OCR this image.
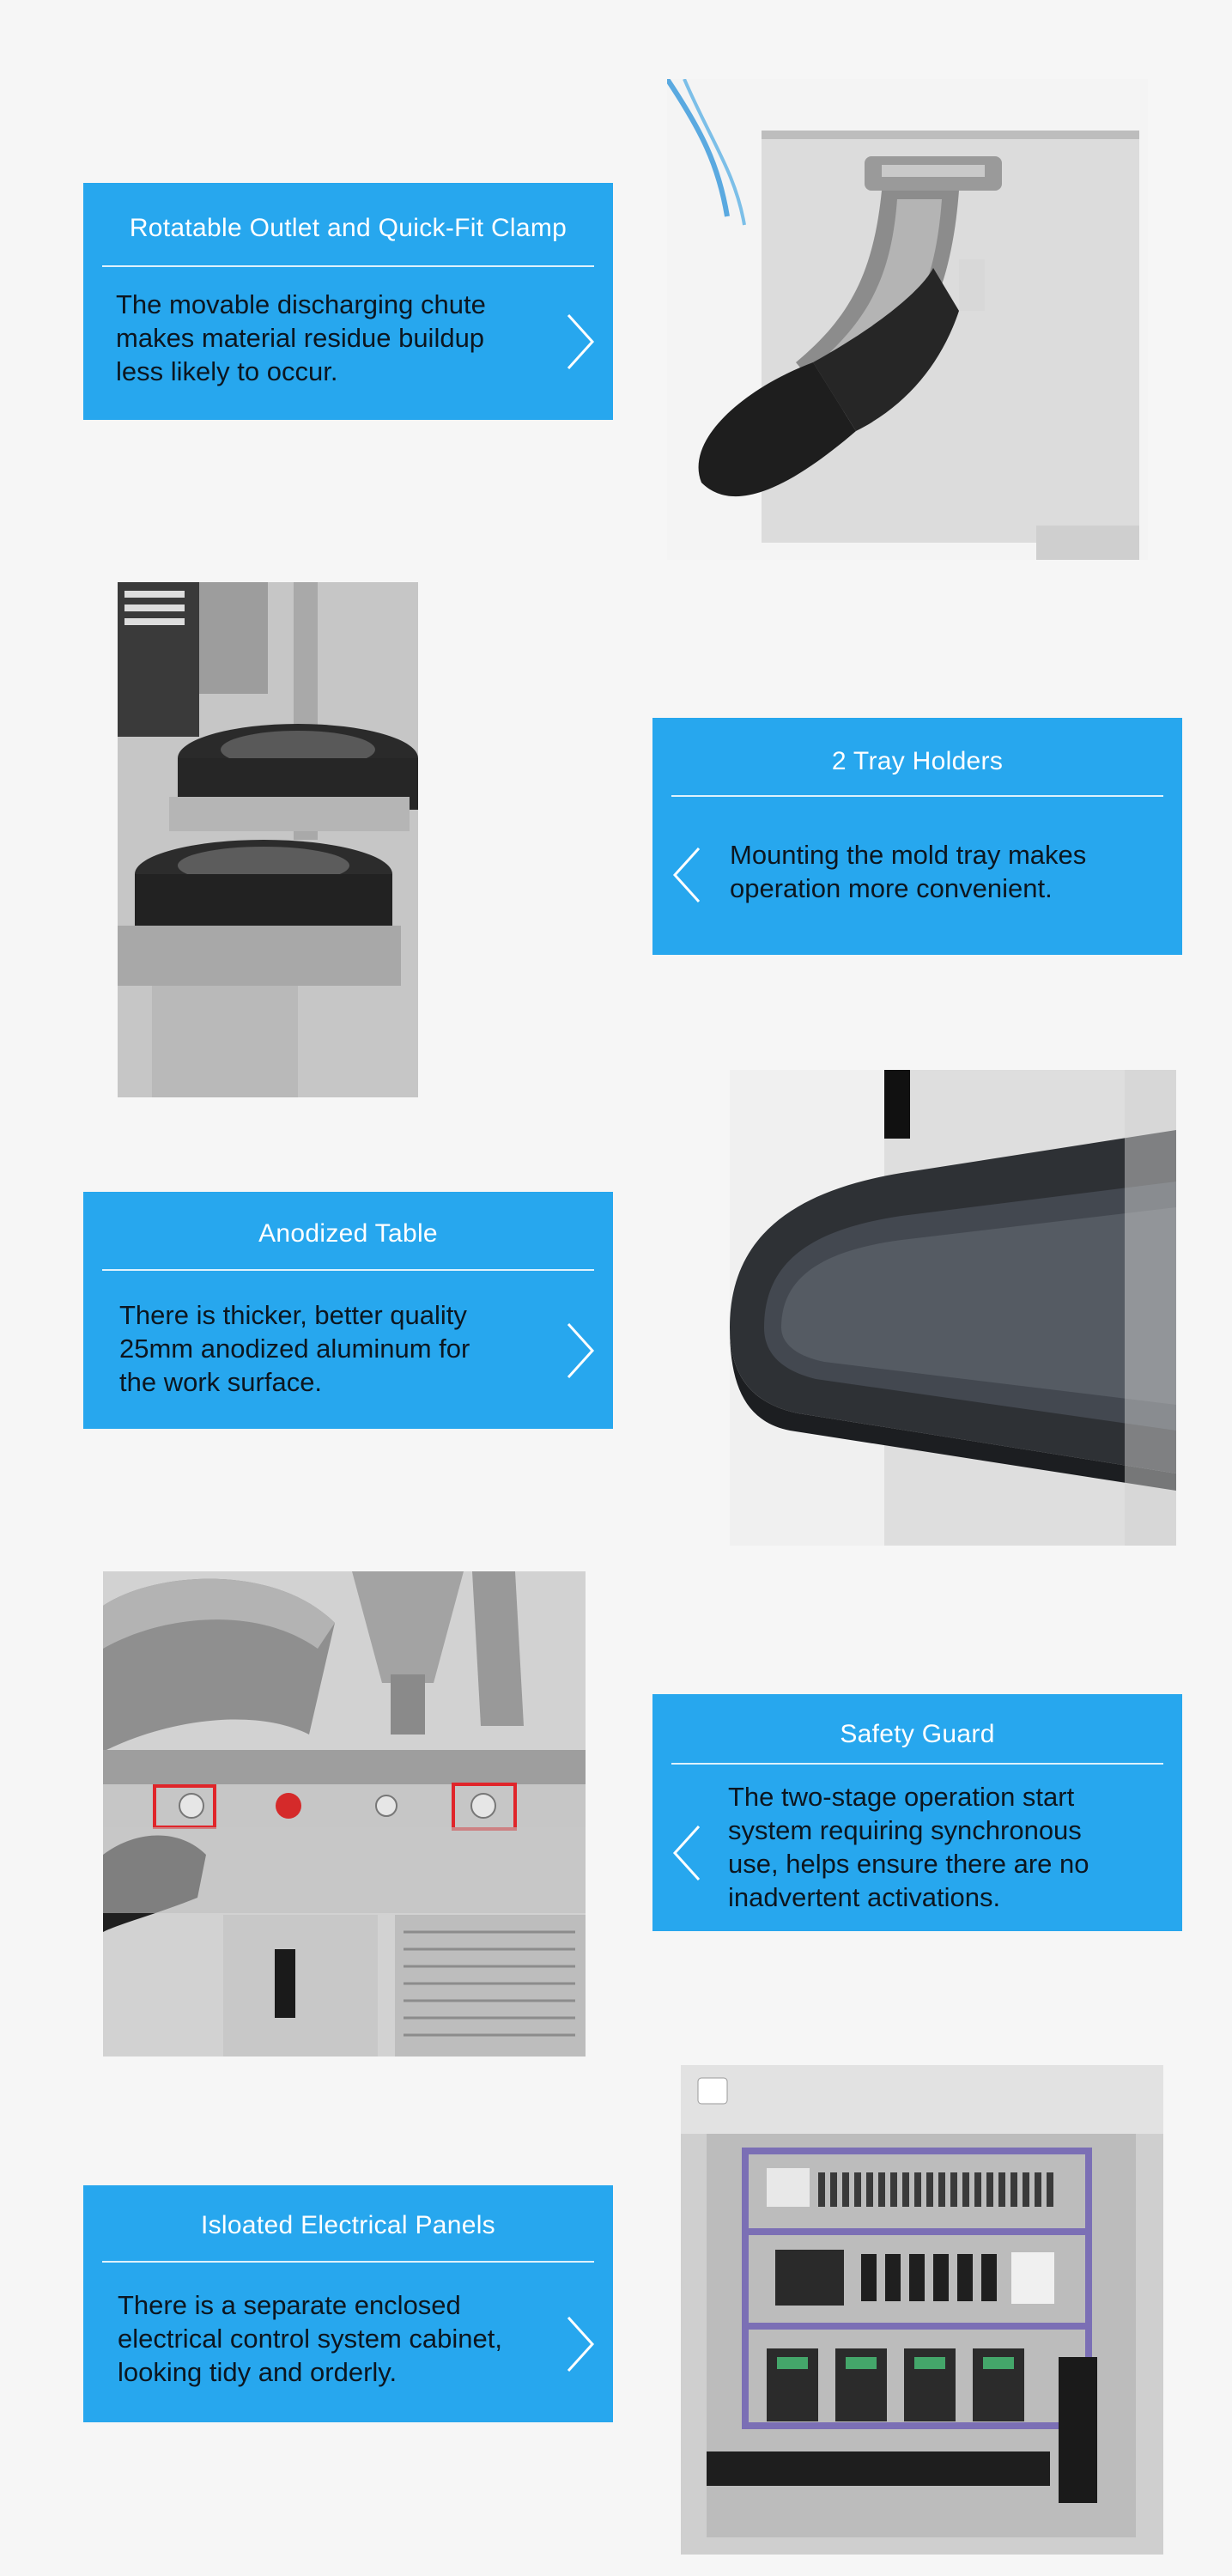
Rotatable Outlet and Quick-Fit Clamp
The movable discharging chute
makes material residue buildup
less likely to occur.
2 Tray Holders
Mounting the mold tray makes
operation more convenient.
Anodized Table
There is thicker, better quality
25mm anodized aluminum for
the work surface.
Safety Guard
The two-stage operation start
system requiring synchronous
use, helps ensure there are no
inadvertent activations.
Isloated Electrical Panels
There is a separate enclosed
electrical control system cabinet,
looking tidy and orderly.
